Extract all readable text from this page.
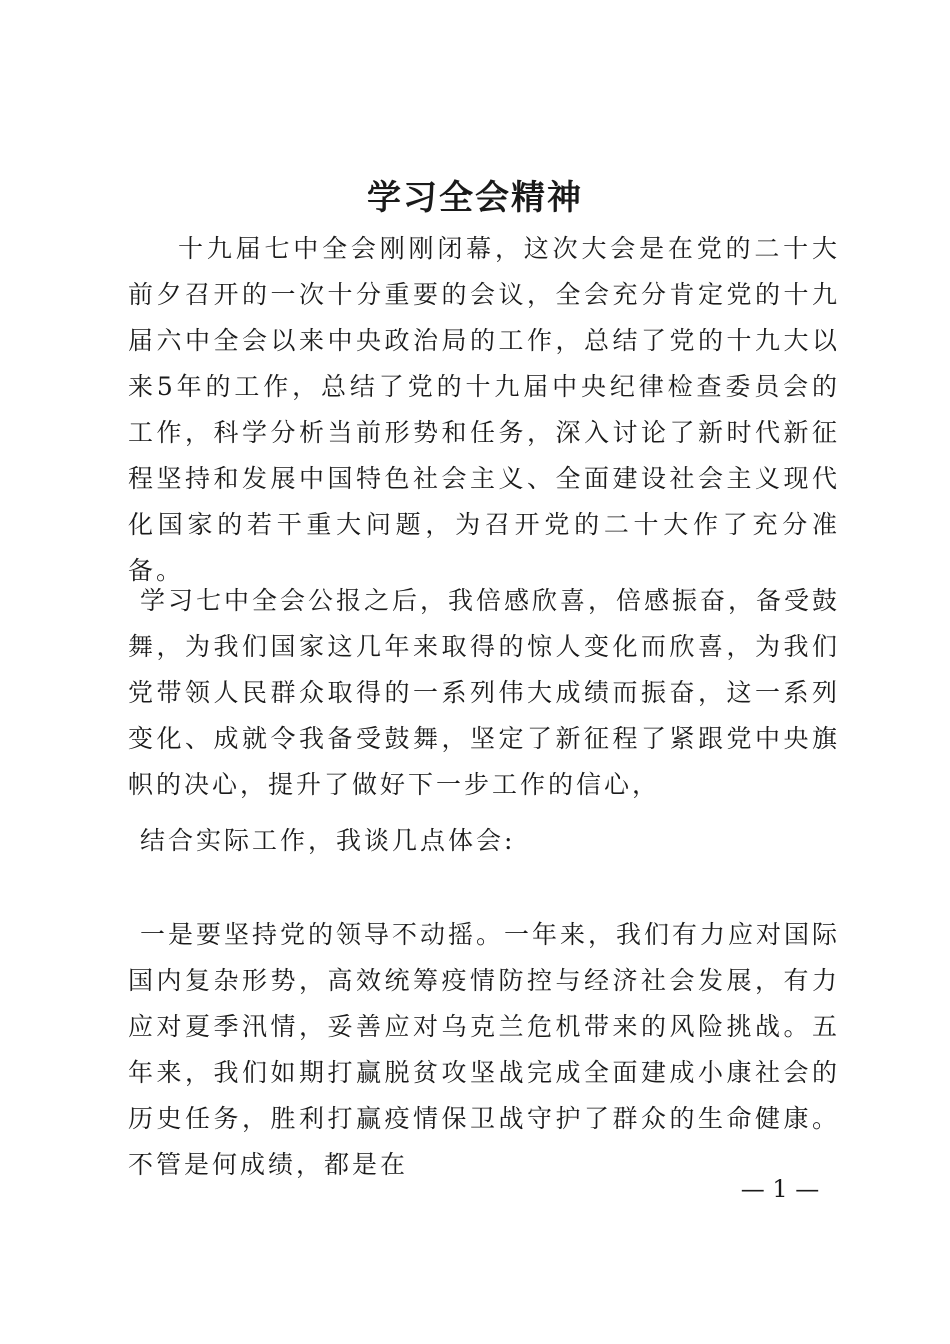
学习全会精神

十九届七中全会刚刚闭幕，这次大会是在党的二十大前夕召开的一次十分重要的会议，全会充分肯定党的十九届六中全会以来中央政治局的工作，总结了党的十九大以来5年的工作，总结了党的十九届中央纪律检查委员会的工作，科学分析当前形势和任务，深入讨论了新时代新征程坚持和发展中国特色社会主义、全面建设社会主义现代化国家的若干重大问题，为召开党的二十大作了充分准备。

学习七中全会公报之后，我倍感欣喜，倍感振奋，备受鼓舞，为我们国家这几年来取得的惊人变化而欣喜，为我们党带领人民群众取得的一系列伟大成绩而振奋，这一系列变化、成就令我备受鼓舞，坚定了新征程了紧跟党中央旗帜的决心，提升了做好下一步工作的信心，

结合实际工作，我谈几点体会:

一是要坚持党的领导不动摇。一年来，我们有力应对国际国内复杂形势，高效统筹疫情防控与经济社会发展，有力应对夏季汛情，妥善应对乌克兰危机带来的风险挑战。五年来，我们如期打赢脱贫攻坚战完成全面建成小康社会的历史任务，胜利打赢疫情保卫战守护了群众的生命健康。不管是何成绩，都是在

— 1 —
